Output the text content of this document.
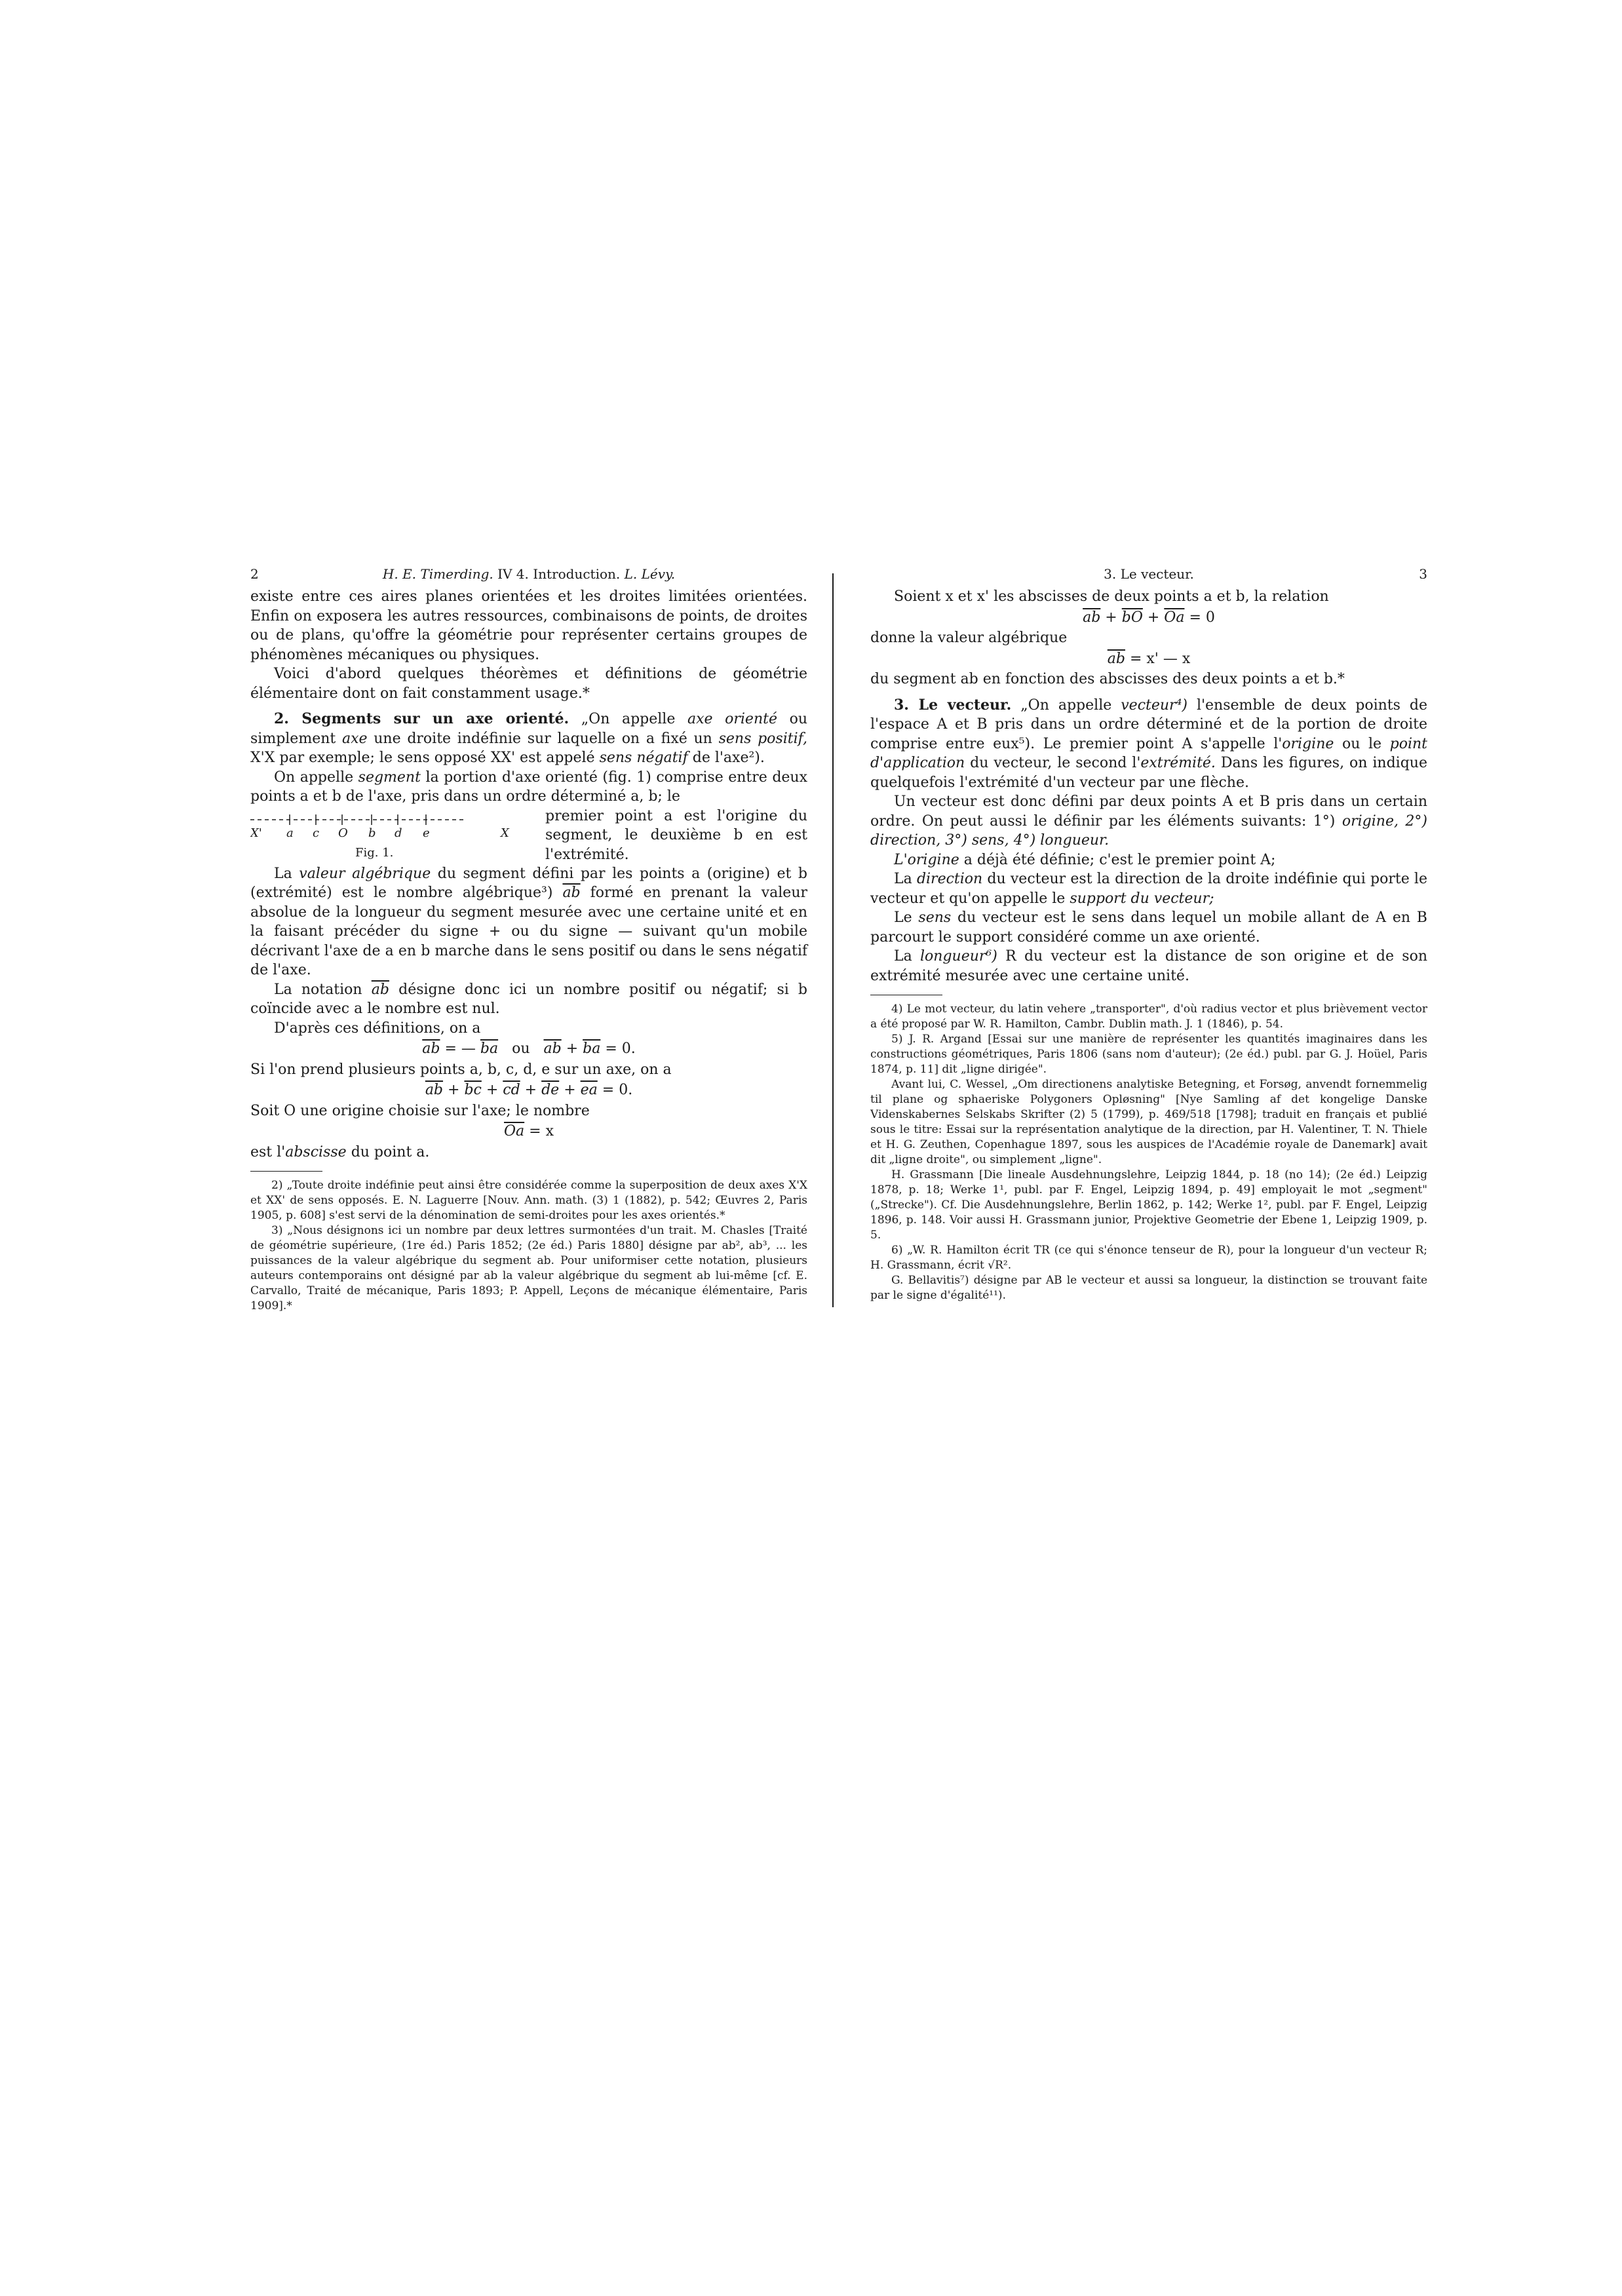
2	H. E. Timerding. IV 4. Introduction. L. Lévy.

existe entre ces aires planes orientées et les droites limitées orientées. Enfin on exposera les autres ressources, combinaisons de points, de droites ou de plans, qu'offre la géométrie pour représenter certains groupes de phénomènes mécaniques ou physiques.

Voici d'abord quelques théorèmes et définitions de géométrie élémentaire dont on fait constamment usage.*

2. Segments sur un axe orienté. „On appelle axe orienté ou simplement axe une droite indéfinie sur laquelle on a fixé un sens positif, X'X par exemple; le sens opposé XX' est appelé sens négatif de l'axe²).

On appelle segment la portion d'axe orienté (fig. 1) comprise entre deux points a et b de l'axe, pris dans un ordre déterminé a, b; le

X' a c O b d e	X
Fig. 1.

premier point a est l'origine du segment, le deuxième b en est l'extrémité.

La valeur algébrique du segment défini par les points a (origine) et b (extrémité) est le nombre algébrique³) $\overline{ab}$ formé en prenant la valeur absolue de la longueur du segment mesurée avec une certaine unité et en la faisant précéder du signe + ou du signe — suivant qu'un mobile décrivant l'axe de a en b marche dans le sens positif ou dans le sens négatif de l'axe.

La notation $\overline{ab}$ désigne donc ici un nombre positif ou négatif; si b coïncide avec a le nombre est nul.

D'après ces définitions, on a

$\overline{ab}$ = — $\overline{ba}$ ou $\overline{ab} + \overline{ba} = 0$.

Si l'on prend plusieurs points a, b, c, d, e sur un axe, on a

$\overline{ab} + \overline{bc} + \overline{cd} + \overline{de} + \overline{ea} = 0$.

Soit O une origine choisie sur l'axe; le nombre

$\overline{Oa} = x$

est l'abscisse du point a.

2) „Toute droite indéfinie peut ainsi être considérée comme la superposition de deux axes X'X et XX' de sens opposés. E. N. Laguerre [Nouv. Ann. math. (3) 1 (1882), p. 542; Œuvres 2, Paris 1905, p. 608] s'est servi de la dénomination de semi-droites pour les axes orientés.*

3) „Nous désignons ici un nombre par deux lettres surmontées d'un trait. M. Chasles [Traité de géométrie supérieure, (1re éd.) Paris 1852; (2e éd.) Paris 1880] désigne par ab², ab³, ... les puissances de la valeur algébrique du segment ab. Pour uniformiser cette notation, plusieurs auteurs contemporains ont désigné par ab la valeur algébrique du segment ab lui-même [cf. E. Carvallo, Traité de mécanique, Paris 1893; P. Appell, Leçons de mécanique élémentaire, Paris 1909].*

3. Le vecteur.	3

Soient x et x' les abscisses de deux points a et b, la relation

$\overline{ab} + \overline{bO} + \overline{Oa} = 0$

donne la valeur algébrique

$\overline{ab} = x'$ — x

du segment ab en fonction des abscisses des deux points a et b.*

3. Le vecteur. „On appelle vecteur⁴) l'ensemble de deux points de l'espace A et B pris dans un ordre déterminé et de la portion de droite comprise entre eux⁵). Le premier point A s'appelle l'origine ou le point d'application du vecteur, le second l'extrémité. Dans les figures, on indique quelquefois l'extrémité d'un vecteur par une flèche.

Un vecteur est donc défini par deux points A et B pris dans un certain ordre. On peut aussi le définir par les éléments suivants: 1°) origine, 2°) direction, 3°) sens, 4°) longueur.

L'origine a déjà été définie; c'est le premier point A;

La direction du vecteur est la direction de la droite indéfinie qui porte le vecteur et qu'on appelle le support du vecteur;

Le sens du vecteur est le sens dans lequel un mobile allant de A en B parcourt le support considéré comme un axe orienté.

La longueur⁶) R du vecteur est la distance de son origine et de son extrémité mesurée avec une certaine unité.

4) Le mot vecteur, du latin vehere „transporter", d'où radius vector et plus brièvement vector a été proposé par W. R. Hamilton, Cambr. Dublin math. J. 1 (1846), p. 54.

5) J. R. Argand [Essai sur une manière de représenter les quantités imaginaires dans les constructions géométriques, Paris 1806 (sans nom d'auteur); (2e éd.) publ. par G. J. Hoüel, Paris 1874, p. 11] dit „ligne dirigée".

Avant lui, C. Wessel, „Om directionens analytiske Betegning, et Forsøg, anvendt fornemmelig til plane og sphaeriske Polygoners Opløsning" [Nye Samling af det kongelige Danske Videnskabernes Selskabs Skrifter (2) 5 (1799), p. 469/518 [1798]; traduit en français et publié sous le titre: Essai sur la représentation analytique de la direction, par H. Valentiner, T. N. Thiele et H. G. Zeuthen, Copenhague 1897, sous les auspices de l'Académie royale de Danemark] avait dit „ligne droite", ou simplement „ligne".

H. Grassmann [Die lineale Ausdehnungslehre, Leipzig 1844, p. 18 (no 14); (2e éd.) Leipzig 1878, p. 18; Werke 1¹, publ. par F. Engel, Leipzig 1894, p. 49] employait le mot „segment" („Strecke"). Cf. Die Ausdehnungslehre, Berlin 1862, p. 142; Werke 1², publ. par F. Engel, Leipzig 1896, p. 148. Voir aussi H. Grassmann junior, Projektive Geometrie der Ebene 1, Leipzig 1909, p. 5.

6) „W. R. Hamilton écrit TR (ce qui s'énonce tenseur de R), pour la longueur d'un vecteur R; H. Grassmann, écrit √R².

G. Bellavitis⁷) désigne par AB le vecteur et aussi sa longueur, la distinction se trouvant faite par le signe d'égalité¹¹).
